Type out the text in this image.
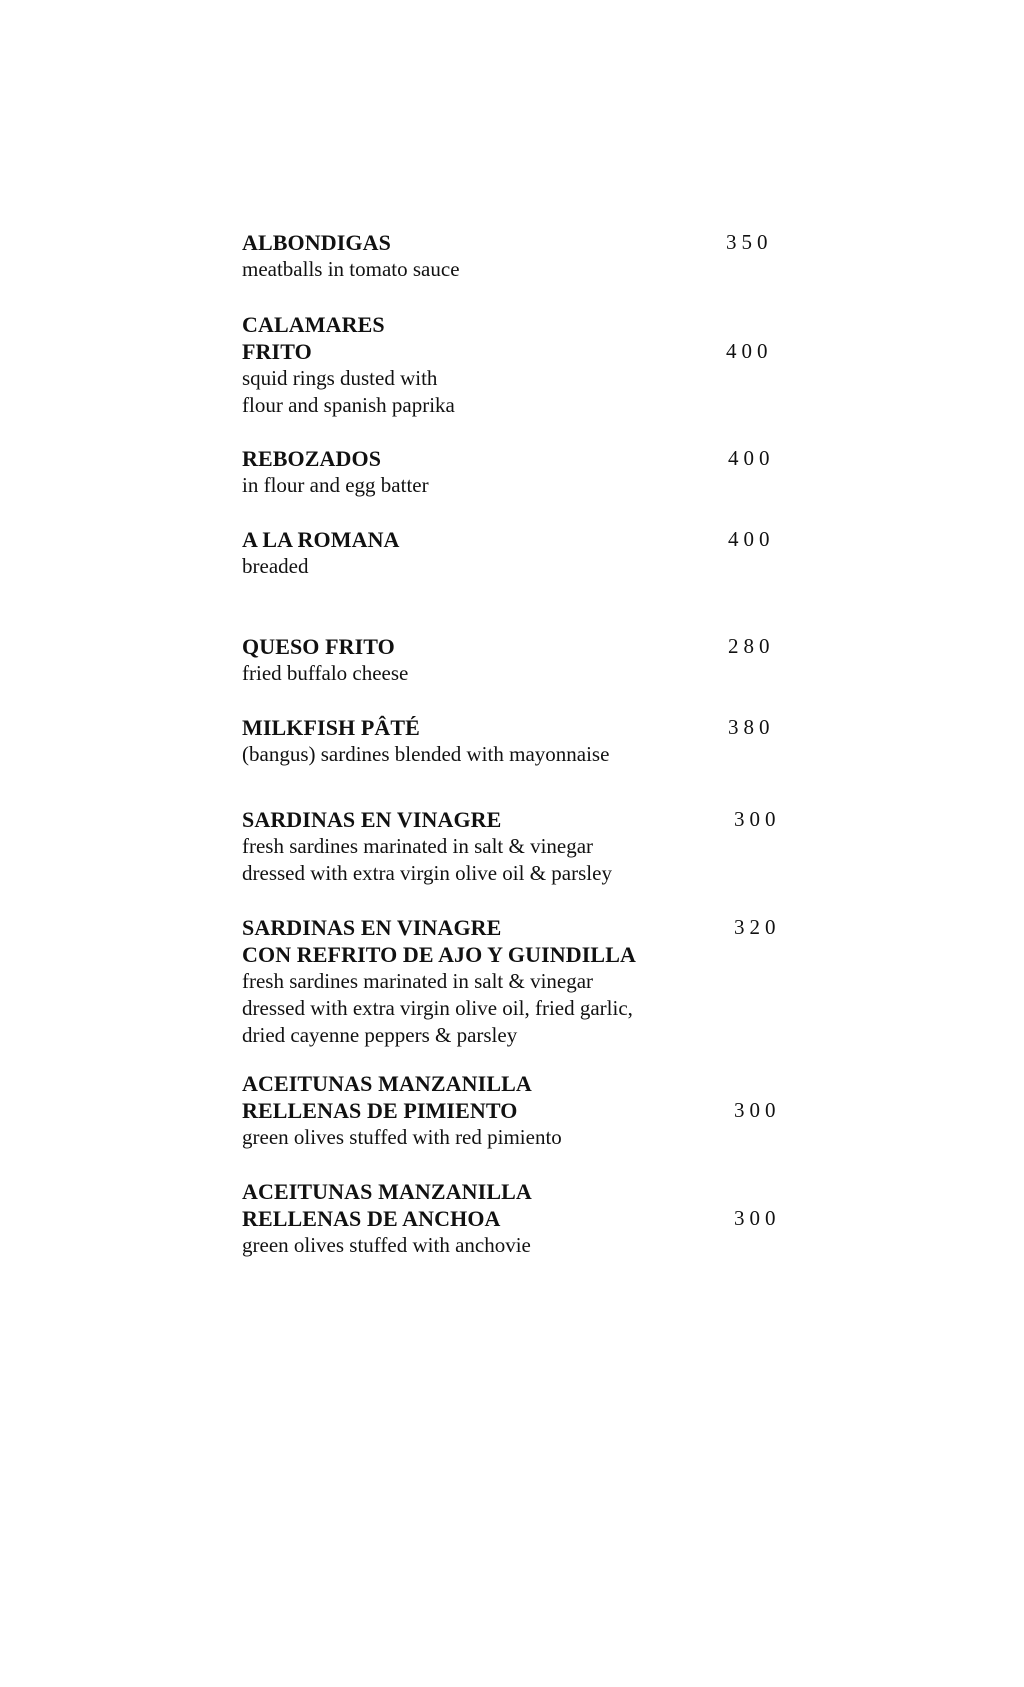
ALBONDIGAS
meatballs in tomato sauce
350
CALAMARES
FRITO
squid rings dusted with
flour and spanish paprika
400
REBOZADOS
in flour and egg batter
400
A LA ROMANA
breaded
400
QUESO FRITO
fried buffalo cheese
280
MILKFISH PÂTÉ
(bangus) sardines blended with mayonnaise
380
SARDINAS EN VINAGRE
fresh sardines marinated in salt & vinegar
dressed with extra virgin olive oil & parsley
300
SARDINAS EN VINAGRE
CON REFRITO DE AJO Y GUINDILLA
fresh sardines marinated in salt & vinegar
dressed with extra virgin olive oil, fried garlic,
dried cayenne peppers & parsley
320
ACEITUNAS MANZANILLA
RELLENAS DE PIMIENTO
green olives stuffed with red pimiento
300
ACEITUNAS MANZANILLA
RELLENAS DE ANCHOA
green olives stuffed with anchovie
300
